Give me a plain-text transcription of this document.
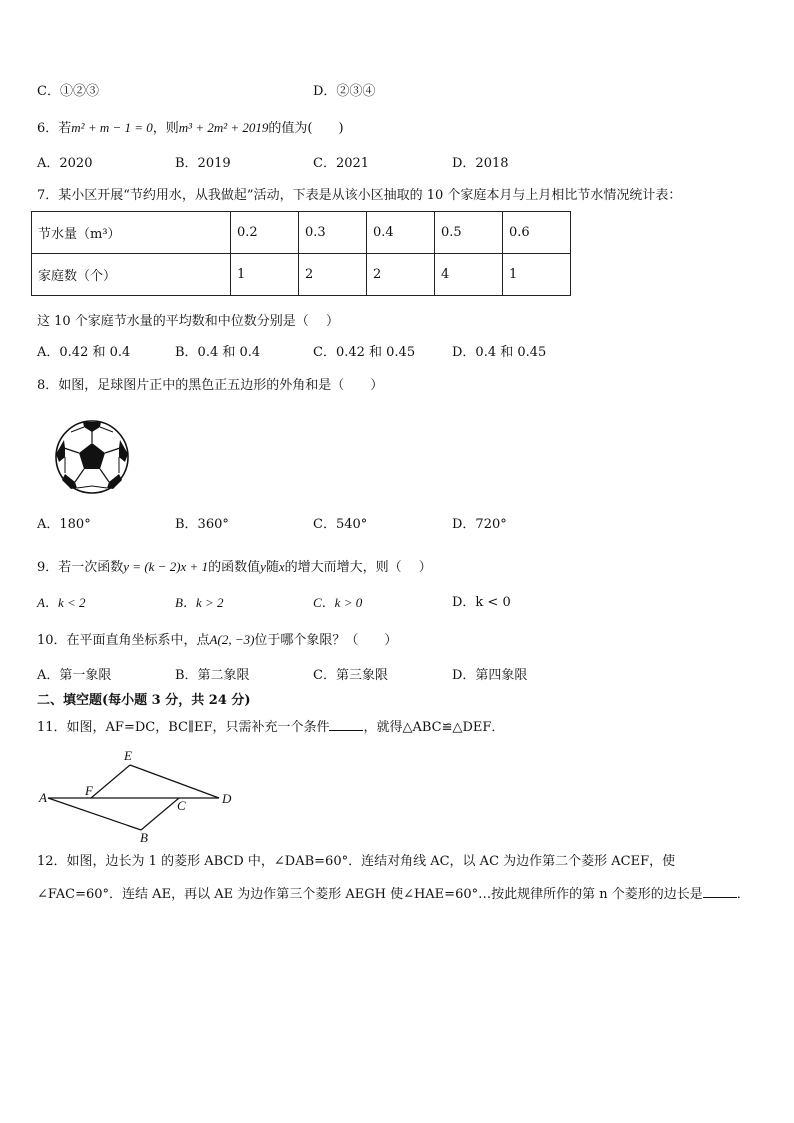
C．①②③	D．②③④
6．若m² + m − 1 = 0，则m³ + 2m² + 2019的值为(　　)
A．2020	B．2019	C．2021	D．2018
7．某小区开展“节约用水，从我做起”活动，下表是从该小区抽取的 10 个家庭本月与上月相比节水情况统计表：
节水量（m³）	0.2	0.3	0.4	0.5	0.6
家庭数（个）	1	2	2	4	1
这 10 个家庭节水量的平均数和中位数分别是（　 ）
A．0.42 和 0.4	B．0.4 和 0.4	C．0.42 和 0.45	D．0.4 和 0.45
8．如图，足球图片正中的黑色正五边形的外角和是（　　）
A．180°	B．360°	C．540°	D．720°
9．若一次函数y = (k − 2)x + 1的函数值y随x的增大而增大，则（　 ）
A．k < 2	B．k > 2	C．k > 0	D．k < 0
10．在平面直角坐标系中，点A(2, −3)位于哪个象限？（　　）
A．第一象限	B．第二象限	C．第三象限	D．第四象限
二、填空题(每小题 3 分，共 24 分)
11．如图，AF=DC，BC∥EF，只需补充一个条件	，就得△ABC≌△DEF．
E
F
A
C	D
B
12．如图，边长为 1 的菱形 ABCD 中，∠DAB=60°．连结对角线 AC，以 AC 为边作第二个菱形 ACEF，使
∠FAC=60°．连结 AE，再以 AE 为边作第三个菱形 AEGH 使∠HAE=60°…按此规律所作的第 n 个菱形的边长是	．
